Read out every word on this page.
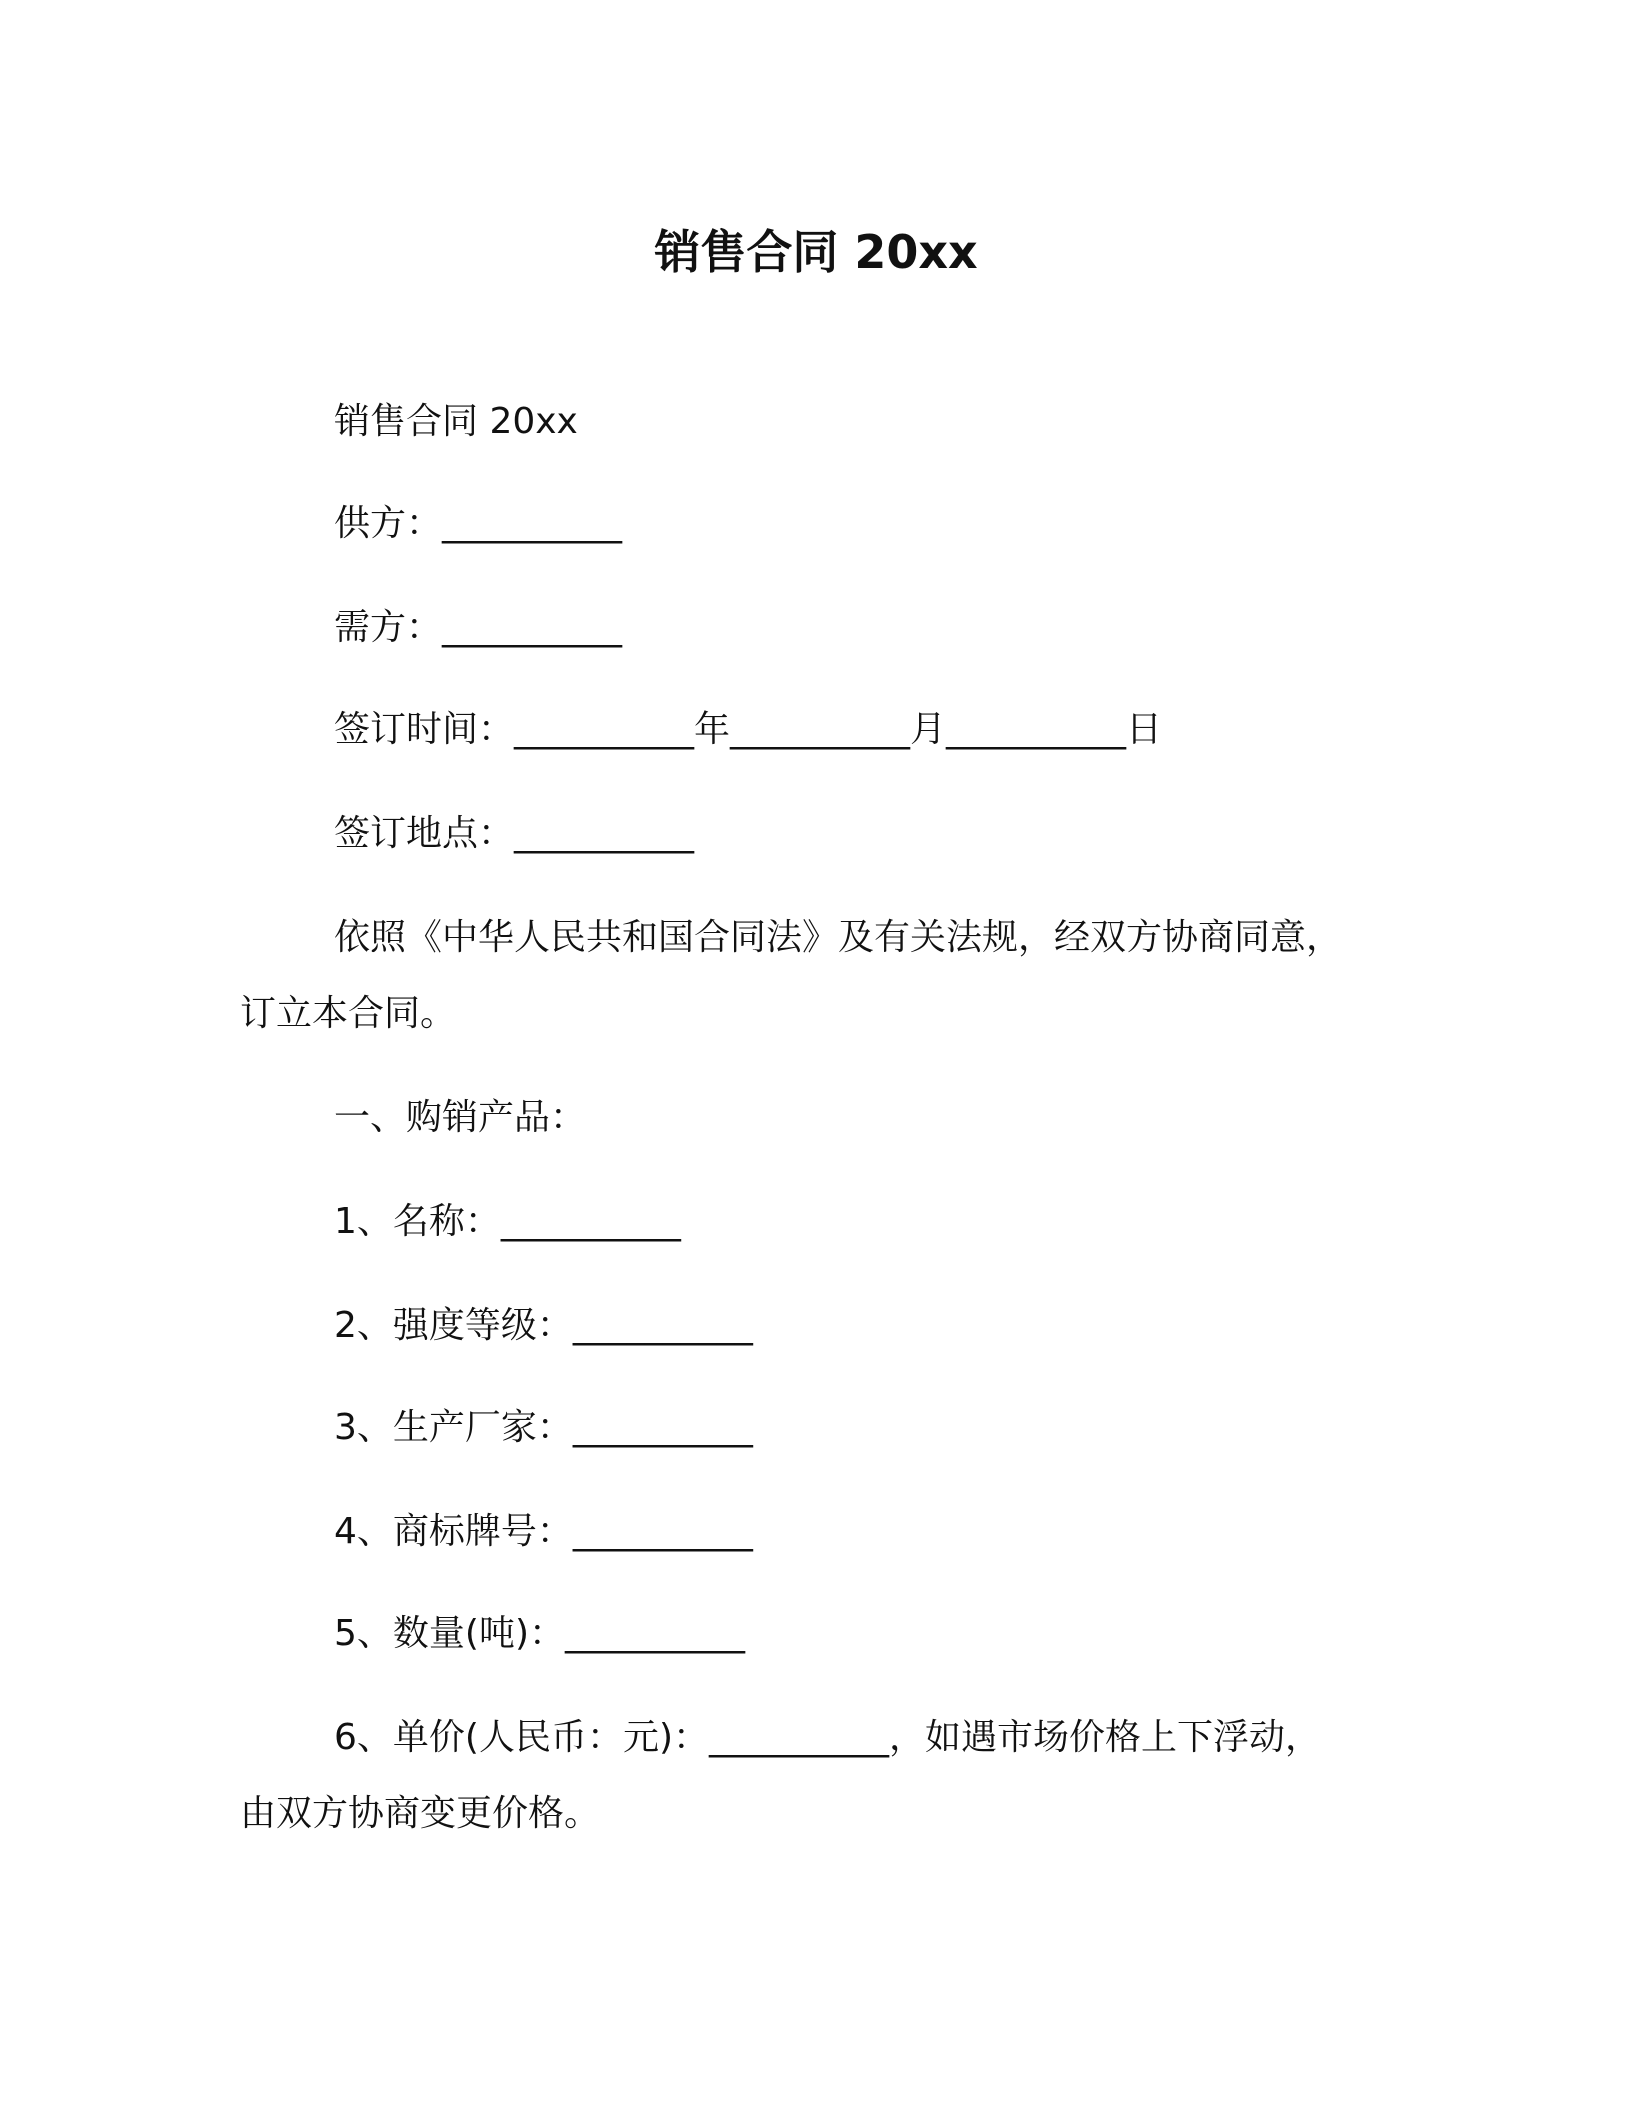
销售合同 20xx
销售合同 20xx
供方：__________
需方：__________
签订时间：__________年__________月__________日
签订地点：__________
依照《中华人民共和国合同法》及有关法规，经双方协商同意，
订立本合同。
一、购销产品：
1、名称：__________
2、强度等级：__________
3、生产厂家：__________
4、商标牌号：__________
5、数量(吨)：__________
6、单价(人民币：元)：__________，如遇市场价格上下浮动，
由双方协商变更价格。
